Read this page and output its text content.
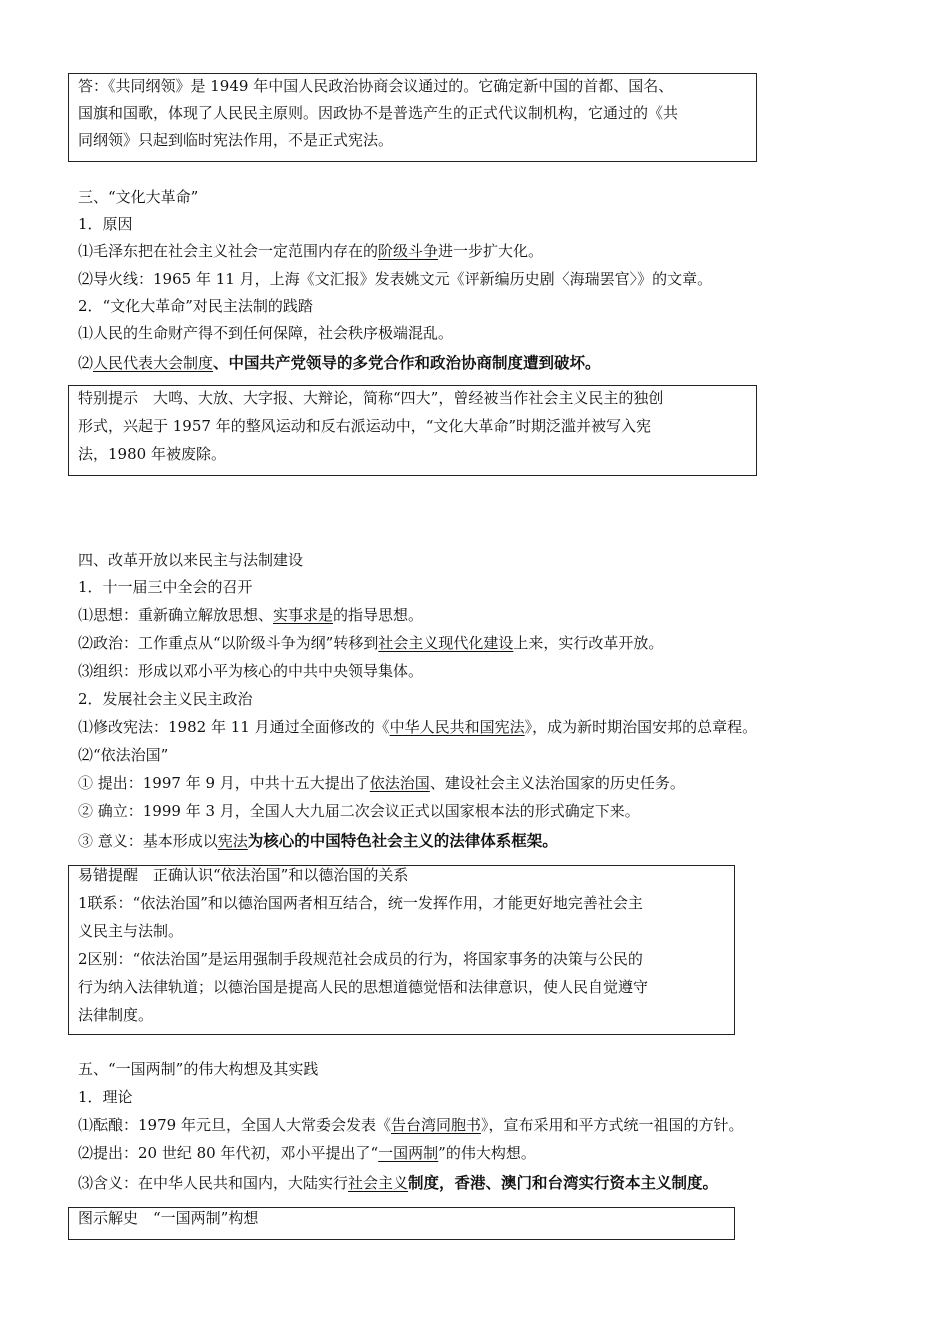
答：《共同纲领》是 1949 年中国人民政治协商会议通过的。它确定新中国的首都、国名、
国旗和国歌，体现了人民民主原则。因政协不是普选产生的正式代议制机构，它通过的《共
同纲领》只起到临时宪法作用，不是正式宪法。
三、“文化大革命”
1．原因
⑴毛泽东把在社会主义社会一定范围内存在的阶级斗争进一步扩大化。
⑵导火线：1965 年 11 月，上海《文汇报》发表姚文元《评新编历史剧〈海瑞罢官〉》的文章。
2．“文化大革命”对民主法制的践踏
⑴人民的生命财产得不到任何保障，社会秩序极端混乱。
⑵人民代表大会制度、中国共产党领导的多党合作和政治协商制度遭到破坏。
特别提示　大鸣、大放、大字报、大辩论，简称“四大”，曾经被当作社会主义民主的独创
形式，兴起于 1957 年的整风运动和反右派运动中，“文化大革命”时期泛滥并被写入宪
法，1980 年被废除。
四、改革开放以来民主与法制建设
1．十一届三中全会的召开
⑴思想：重新确立解放思想、实事求是的指导思想。
⑵政治：工作重点从“以阶级斗争为纲”转移到社会主义现代化建设上来，实行改革开放。
⑶组织：形成以邓小平为核心的中共中央领导集体。
2．发展社会主义民主政治
⑴修改宪法：1982 年 11 月通过全面修改的《中华人民共和国宪法》，成为新时期治国安邦的总章程。
⑵“依法治国”
① 提出：1997 年 9 月，中共十五大提出了依法治国、建设社会主义法治国家的历史任务。
② 确立：1999 年 3 月，全国人大九届二次会议正式以国家根本法的形式确定下来。
③ 意义：基本形成以宪法为核心的中国特色社会主义的法律体系框架。
易错提醒　正确认识“依法治国”和以德治国的关系
1联系：“依法治国”和以德治国两者相互结合，统一发挥作用，才能更好地完善社会主
义民主与法制。
2区别：“依法治国”是运用强制手段规范社会成员的行为，将国家事务的决策与公民的
行为纳入法律轨道；以德治国是提高人民的思想道德觉悟和法律意识，使人民自觉遵守
法律制度。
五、“一国两制”的伟大构想及其实践
1．理论
⑴酝酿：1979 年元旦，全国人大常委会发表《告台湾同胞书》，宣布采用和平方式统一祖国的方针。
⑵提出：20 世纪 80 年代初，邓小平提出了“一国两制”的伟大构想。
⑶含义：在中华人民共和国内，大陆实行社会主义制度，香港、澳门和台湾实行资本主义制度。
图示解史　“一国两制”构想
